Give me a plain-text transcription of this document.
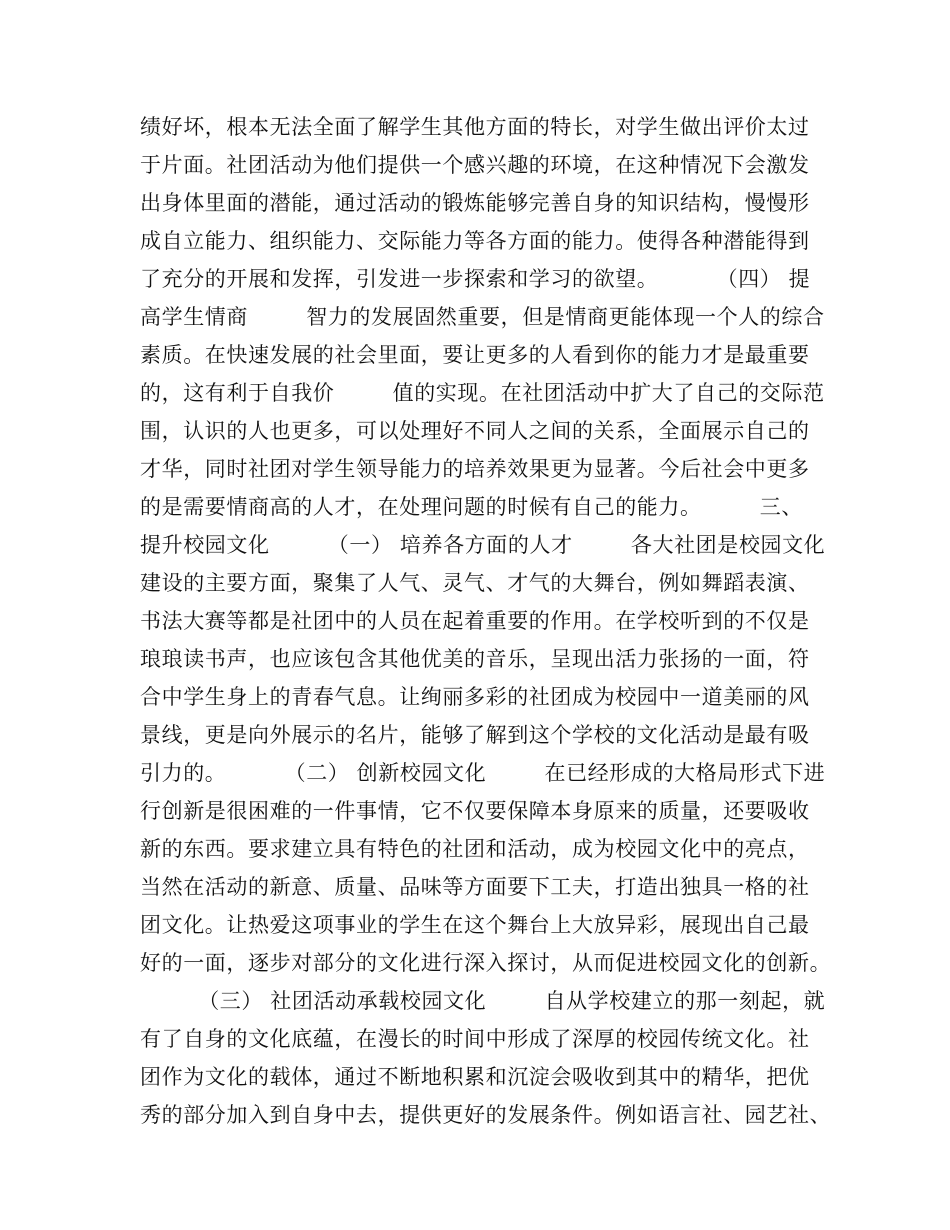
绩好坏，根本无法全面了解学生其他方面的特长，对学生做出评价太过
于片面。社团活动为他们提供一个感兴趣的环境，在这种情况下会激发
出身体里面的潜能，通过活动的锻炼能够完善自身的知识结构，慢慢形
成自立能力、组织能力、交际能力等各方面的能力。使得各种潜能得到
了充分的开展和发挥，引发进一步探索和学习的欲望。        （四） 提
高学生情商        智力的发展固然重要，但是情商更能体现一个人的综合
素质。在快速发展的社会里面，要让更多的人看到你的能力才是最重要
的，这有利于自我价        值的实现。在社团活动中扩大了自己的交际范
围，认识的人也更多，可以处理好不同人之间的关系，全面展示自己的
才华，同时社团对学生领导能力的培养效果更为显著。今后社会中更多
的是需要情商高的人才，在处理问题的时候有自己的能力。        三、
提升校园文化        （一） 培养各方面的人才        各大社团是校园文化
建设的主要方面，聚集了人气、灵气、才气的大舞台，例如舞蹈表演、
书法大赛等都是社团中的人员在起着重要的作用。在学校听到的不仅是
琅琅读书声，也应该包含其他优美的音乐，呈现出活力张扬的一面，符
合中学生身上的青春气息。让绚丽多彩的社团成为校园中一道美丽的风
景线，更是向外展示的名片，能够了解到这个学校的文化活动是最有吸
引力的。        （二） 创新校园文化        在已经形成的大格局形式下进
行创新是很困难的一件事情，它不仅要保障本身原来的质量，还要吸收
新的东西。要求建立具有特色的社团和活动，成为校园文化中的亮点，
当然在活动的新意、质量、品味等方面要下工夫，打造出独具一格的社
团文化。让热爱这项事业的学生在这个舞台上大放异彩，展现出自己最
好的一面，逐步对部分的文化进行深入探讨，从而促进校园文化的创新。
（三） 社团活动承载校园文化        自从学校建立的那一刻起，就
有了自身的文化底蕴，在漫长的时间中形成了深厚的校园传统文化。社
团作为文化的载体，通过不断地积累和沉淀会吸收到其中的精华，把优
秀的部分加入到自身中去，提供更好的发展条件。例如语言社、园艺社、
